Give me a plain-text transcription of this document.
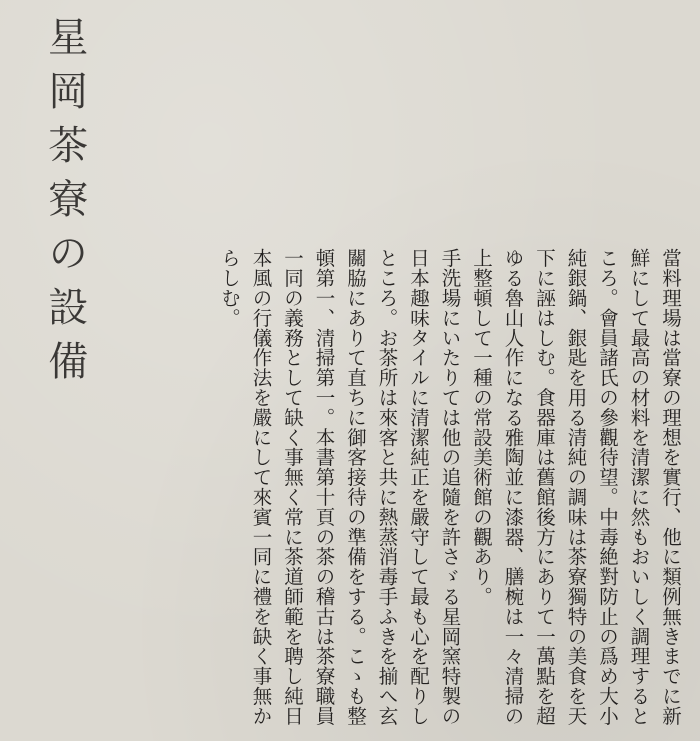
星岡茶寮の設備

當料理場は當寮の理想を實行、他に類例無きまでに新鮮にして最高の材料を清潔に然もおいしく調理するところ。會員諸氏の參觀待望。中毒絶對防止の爲め大小純銀鍋、銀匙を用る清純の調味は茶寮獨特の美食を天下に誣はしむ。食器庫は舊館後方にありて一萬點を超ゆる魯山人作になる雅陶並に漆器、膳椀は一々清掃の上整頓して一種の常設美術館の觀あり。

手洗場にいたりては他の追隨を許さゞる星岡窯特製の日本趣味タイルに清潔純正を嚴守して最も心を配りしところ。お茶所は來客と共に熱蒸消毒手ふきを揃へ玄關脇にありて直ちに御客接待の準備をする。こゝも整頓第一、清掃第一。本書第十頁の茶の稽古は茶寮職員一同の義務として缺く事無く常に茶道師範を聘し純日本風の行儀作法を嚴にして來賓一同に禮を缺く事無からしむ。
